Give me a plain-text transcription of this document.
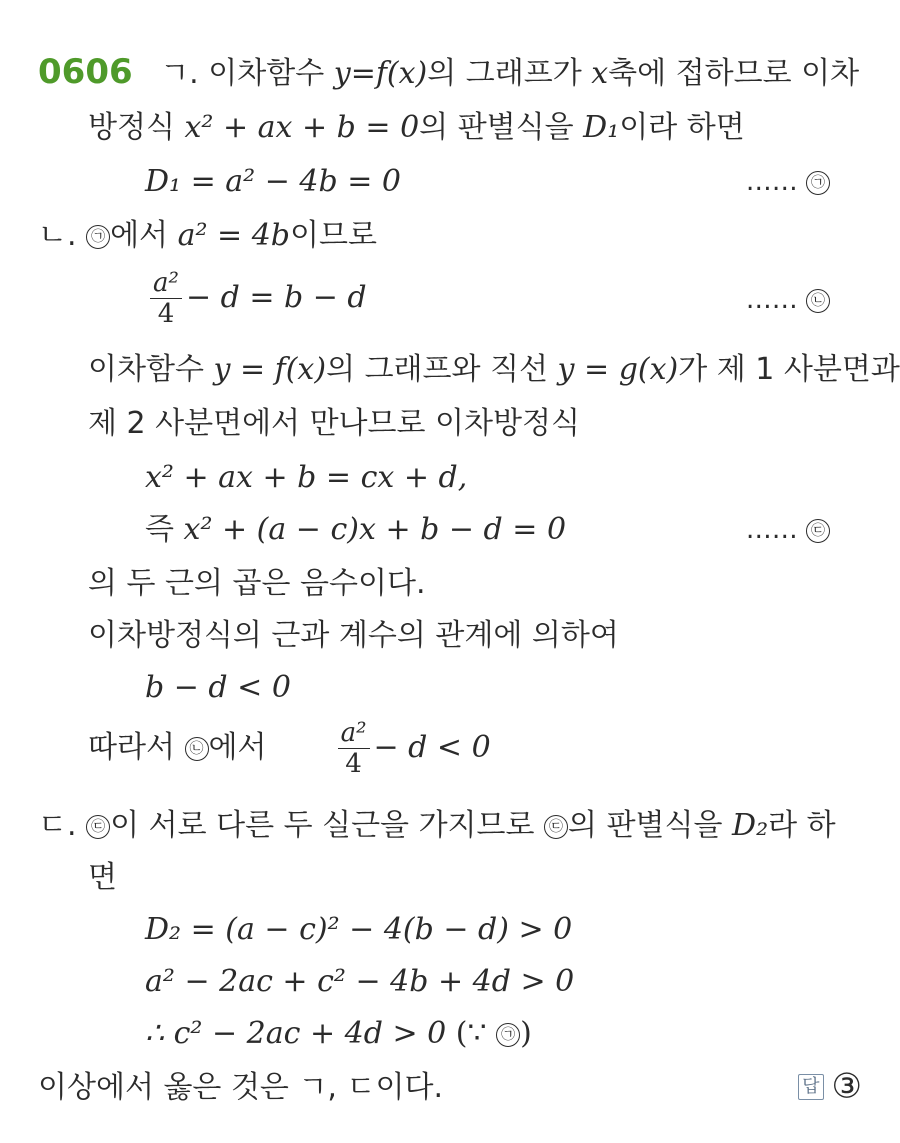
0606 ㄱ. 이차함수 y=f(x)의 그래프가 x축에 접하므로 이차
방정식 x² + ax + b = 0의 판별식을 D₁이라 하면
D₁ = a² − 4b = 0	…… ㉠
ㄴ. ㉠ 에서 a² = 4b이므로
$\frac{\text{a²}}{4} - d = b - d$	…… ㉡
이차함수 y = f(x)의 그래프와 직선 y = g(x)가 제 1 사분면과
제 2 사분면에서 만나므로 이차방정식
x² + ax + b = cx + d,
즉 x² + (a − c)x + b − d = 0	…… ㉢
의 두 근의 곱은 음수이다.
이차방정식의 근과 계수의 관계에 의하여
b − d < 0
따라서 ㉡ 에서	$\frac{\text{a²}}{4} - d < 0$
ㄷ. ㉢ 이 서로 다른 두 실근을 가지므로 ㉢ 의 판별식을 D₂라 하
면
D₂ = (a − c)² − 4(b − d) > 0
a² − 2ac + c² − 4b + 4d > 0
∴ c² − 2ac + 4d > 0 (∵ ㉠ )
이상에서 옳은 것은 ㄱ, ㄷ이다.	답 ③
